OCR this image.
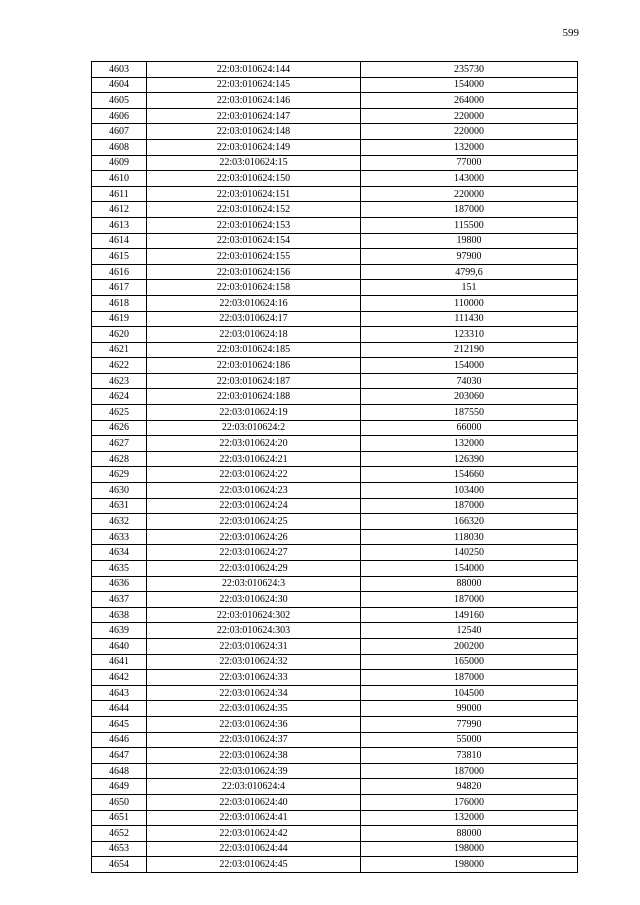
599
4603	22:03:010624:144	235730
4604	22:03:010624:145	154000
4605	22:03:010624:146	264000
4606	22:03:010624:147	220000
4607	22:03:010624:148	220000
4608	22:03:010624:149	132000
4609	22:03:010624:15	77000
4610	22:03:010624:150	143000
4611	22:03:010624:151	220000
4612	22:03:010624:152	187000
4613	22:03:010624:153	115500
4614	22:03:010624:154	19800
4615	22:03:010624:155	97900
4616	22:03:010624:156	4799,6
4617	22:03:010624:158	151
4618	22:03:010624:16	110000
4619	22:03:010624:17	111430
4620	22:03:010624:18	123310
4621	22:03:010624:185	212190
4622	22:03:010624:186	154000
4623	22:03:010624:187	74030
4624	22:03:010624:188	203060
4625	22:03:010624:19	187550
4626	22:03:010624:2	66000
4627	22:03:010624:20	132000
4628	22:03:010624:21	126390
4629	22:03:010624:22	154660
4630	22:03:010624:23	103400
4631	22:03:010624:24	187000
4632	22:03:010624:25	166320
4633	22:03:010624:26	118030
4634	22:03:010624:27	140250
4635	22:03:010624:29	154000
4636	22:03:010624:3	88000
4637	22:03:010624:30	187000
4638	22:03:010624:302	149160
4639	22:03:010624:303	12540
4640	22:03:010624:31	200200
4641	22:03:010624:32	165000
4642	22:03:010624:33	187000
4643	22:03:010624:34	104500
4644	22:03:010624:35	99000
4645	22:03:010624:36	77990
4646	22:03:010624:37	55000
4647	22:03:010624:38	73810
4648	22:03:010624:39	187000
4649	22:03:010624:4	94820
4650	22:03:010624:40	176000
4651	22:03:010624:41	132000
4652	22:03:010624:42	88000
4653	22:03:010624:44	198000
4654	22:03:010624:45	198000
